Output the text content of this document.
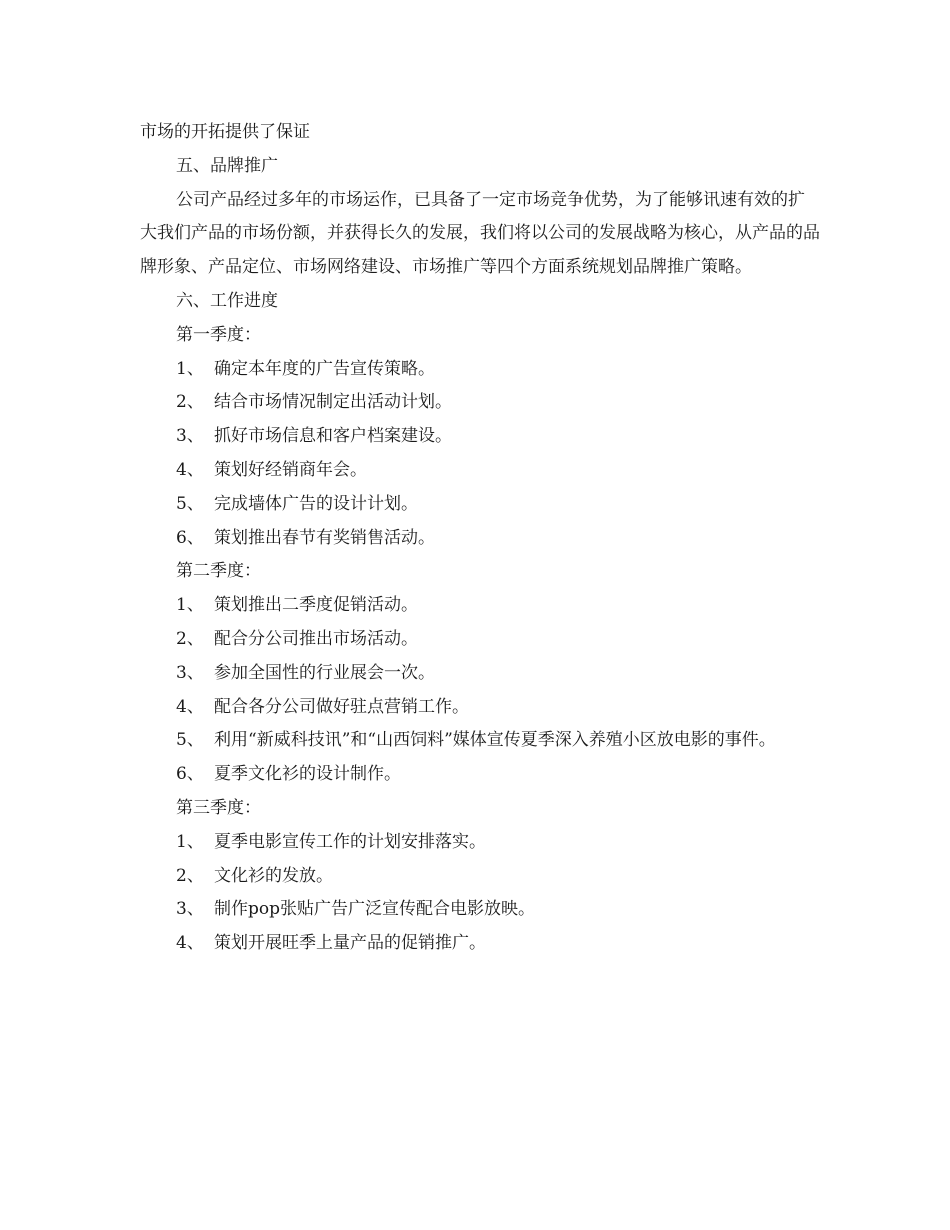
市场的开拓提供了保证

五、品牌推广

公司产品经过多年的市场运作，已具备了一定市场竞争优势，为了能够讯速有效的扩大我们产品的市场份额，并获得长久的发展，我们将以公司的发展战略为核心，从产品的品牌形象、产品定位、市场网络建设、市场推广等四个方面系统规划品牌推广策略。

六、工作进度

第一季度：

1、 确定本年度的广告宣传策略。

2、 结合市场情况制定出活动计划。

3、 抓好市场信息和客户档案建设。

4、 策划好经销商年会。

5、 完成墙体广告的设计计划。

6、 策划推出春节有奖销售活动。

第二季度：

1、 策划推出二季度促销活动。

2、 配合分公司推出市场活动。

3、 参加全国性的行业展会一次。

4、 配合各分公司做好驻点营销工作。

5、 利用“新威科技讯”和“山西饲料”媒体宣传夏季深入养殖小区放电影的事件。

6、 夏季文化衫的设计制作。

第三季度：

1、 夏季电影宣传工作的计划安排落实。

2、 文化衫的发放。

3、 制作pop张贴广告广泛宣传配合电影放映。

4、 策划开展旺季上量产品的促销推广。
